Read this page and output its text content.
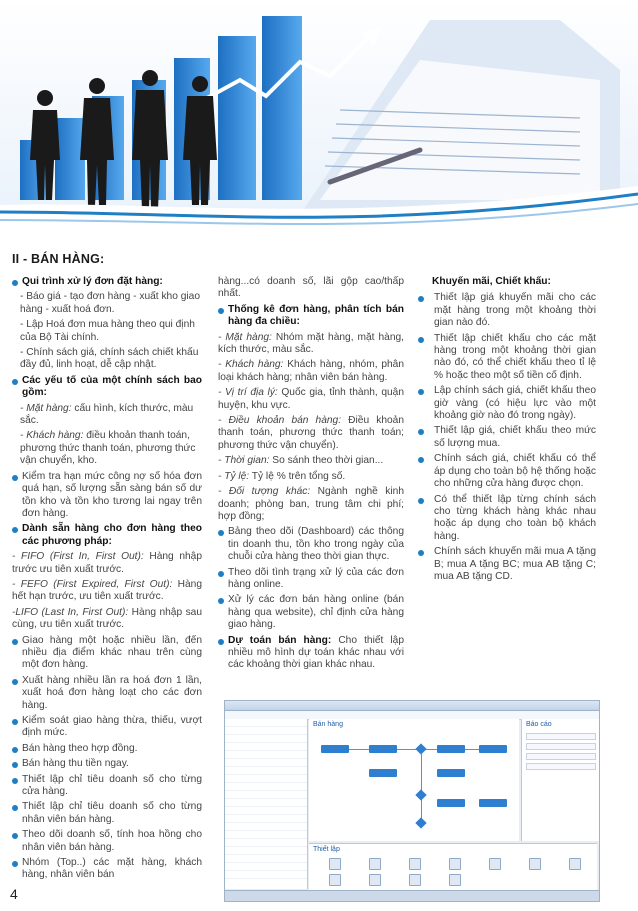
II - BÁN HÀNG:
Qui trình xử lý đơn đặt hàng:
- Báo giá - tạo đơn hàng - xuất kho giao hàng - xuất hoá đơn.
- Lập Hoá đơn mua hàng theo qui định của Bộ Tài chính.
- Chính sách giá, chính sách chiết khấu đầy đủ, linh hoạt, dễ cập nhật.
Các yếu tố của một chính sách bao gồm:
- Mặt hàng: cấu hình, kích thước, màu sắc.
- Khách hàng: điều khoản thanh toán, phương thức thanh toán, phương thức vận chuyển, kho.
Kiểm tra hạn mức công nợ số hóa đơn quá hạn, số lượng sẵn sàng bán số dư tồn kho và tồn kho tương lai ngay trên đơn hàng.
Dành sẵn hàng cho đơn hàng theo các phương pháp:
- FIFO (First In, First Out): Hàng nhập trước ưu tiên xuất trước.
- FEFO (First Expired, First Out): Hàng hết hạn trước, ưu tiên xuất trước.
-LIFO (Last In, First Out): Hàng nhập sau cùng, ưu tiên xuất trước.
Giao hàng một hoặc nhiều lần, đến nhiều địa điểm khác nhau trên cùng một đơn hàng.
Xuất hàng nhiều lần ra hoá đơn 1 lần, xuất hoá đơn hàng loạt cho các đơn hàng.
Kiểm soát giao hàng thừa, thiếu, vượt định mức.
Bán hàng theo hợp đồng.
Bán hàng thu tiền ngay.
Thiết lập chỉ tiêu doanh số cho từng cửa hàng.
Thiết lập chỉ tiêu doanh số cho từng nhân viên bán hàng.
Theo dõi doanh số, tính hoa hồng cho nhân viên bán hàng.
Nhóm (Top..) các mặt hàng, khách hàng, nhân viên bán
hàng...có doanh số, lãi gộp cao/thấp nhất.
Thống kê đơn hàng, phân tích bán hàng đa chiều:
- Mặt hàng: Nhóm mặt hàng, mặt hàng, kích thước, màu sắc.
- Khách hàng: Khách hàng, nhóm, phân loại khách hàng; nhân viên bán hàng.
- Vị trí địa lý: Quốc gia, tỉnh thành, quận huyện, khu vực.
- Điều khoản bán hàng: Điều khoản thanh toán, phương thức thanh toán; phương thức vận chuyển).
- Thời gian: So sánh theo thời gian...
- Tỷ lệ: Tỷ lệ % trên tổng số.
- Đối tượng khác: Ngành nghề kinh doanh; phòng ban, trung tâm chi phí; hợp đồng;
Bảng theo dõi (Dashboard) các thông tin doanh thu, tồn kho trong ngày của chuỗi cửa hàng theo thời gian thực.
Theo dõi tình trạng xử lý của các đơn hàng online.
Xử lý các đơn bán hàng online (bán hàng qua website), chỉ định cửa hàng giao hàng.
Dự toán bán hàng: Cho thiết lập nhiều mô hình dự toán khác nhau với các khoảng thời gian khác nhau.
Khuyến mãi, Chiết khấu:
Thiết lập giá khuyến mãi cho các mặt hàng trong một khoảng thời gian nào đó.
Thiết lập chiết khấu cho các mặt hàng trong một khoảng thời gian nào đó, có thể chiết khấu theo tỉ lệ % hoặc theo một số tiền cố định.
Lập chính sách giá, chiết khấu theo giờ vàng (có hiệu lực vào một khoảng giờ nào đó trong ngày).
Thiết lập giá, chiết khấu theo mức số lượng mua.
Chính sách giá, chiết khấu có thể áp dụng cho toàn bộ hệ thống hoặc cho những cửa hàng được chọn.
Có thể thiết lập từng chính sách cho từng khách hàng khác nhau hoặc áp dụng cho toàn bộ khách hàng.
Chính sách khuyến mãi mua A tặng B; mua A tặng BC; mua AB tặng C; mua AB tặng CD.
Bán hàng	Báo cáo
Thiết lập
4
